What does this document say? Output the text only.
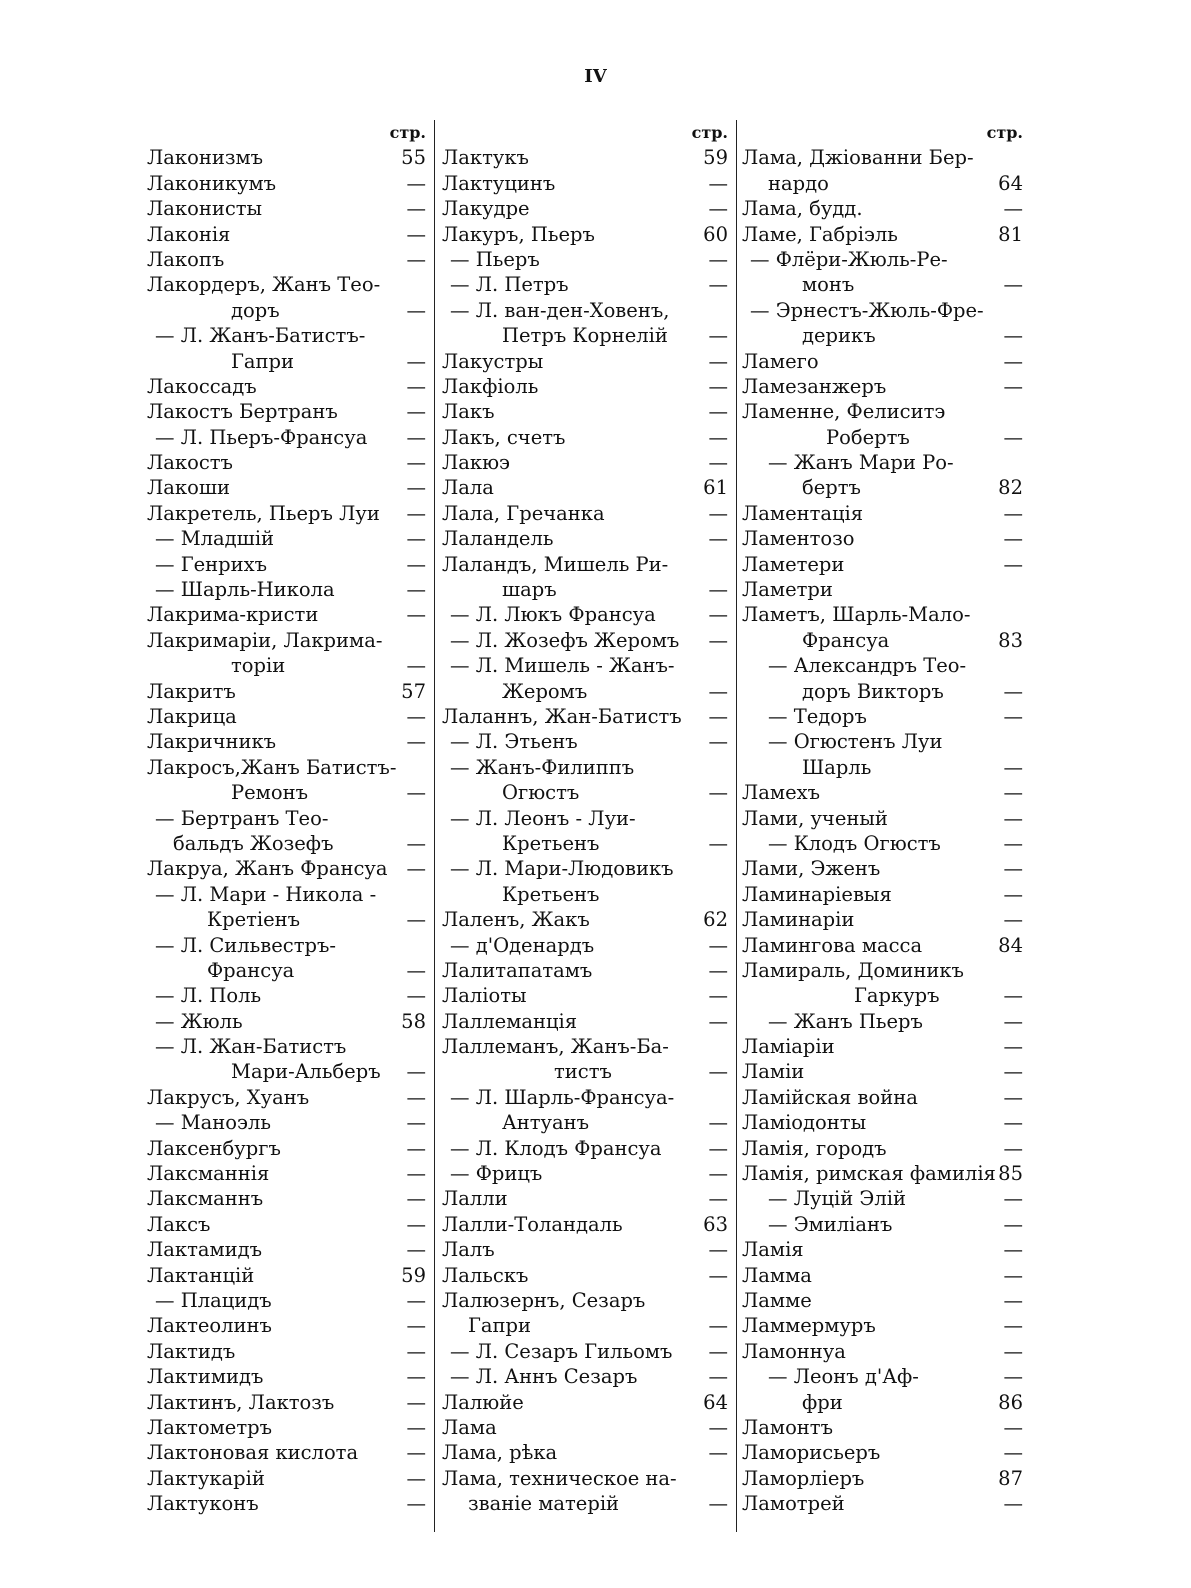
IV
стр.
Лаконизмъ	55
Лаконикумъ	—
Лаконисты	—
Лаконія	—
Лакопъ	—
Лакордеръ, Жанъ Тео-
доръ	—
— Л. Жанъ-Батистъ-
Гапри	—
Лакоссадъ	—
Лакостъ Бертранъ	—
— Л. Пьеръ-Франсуа —
Лакостъ	—
Лакоши	—
Лакретель, Пьеръ Луи —
— Младшій	—
— Генрихъ	—
— Шарль-Никола	—
Лакрима-кристи	—
Лакримаріи, Лакрима-
торіи	—
Лакритъ	57
Лакрица	—
Лакричникъ	—
Лакросъ,Жанъ Батистъ-
Ремонъ	—
— Бертранъ Тео-
бальдъ Жозефъ	—
Лакруа, Жанъ Франсуа —
— Л. Мари - Никола -
Кретіенъ	—
— Л. Сильвестръ-
Франсуа	—
— Л. Поль	—
— Жюль	58
— Л. Жан-Батистъ
Мари-Альберъ —
Лакрусъ, Хуанъ	—
— Маноэль	—
Лаксенбургъ	—
Лаксманнія	—
Лаксманнъ	—
Лаксъ	—
Лактамидъ	—
Лактанцій	59
— Плацидъ	—
Лактеолинъ	—
Лактидъ	—
Лактимидъ	—
Лактинъ, Лактозъ	—
Лактометръ	—
Лактоновая кислота —
Лактукарій	—
Лактуконъ	—
стр.
Лактукъ	59
Лактуцинъ	—
Лакудре	—
Лакуръ, Пьеръ	60
— Пьеръ	—
— Л. Петръ	—
— Л. ван-ден-Ховенъ,
Петръ Корнелій —
Лакустры	—
Лакфіоль	—
Лакъ	—
Лакъ, счетъ	—
Лакюэ	—
Лала	61
Лала, Гречанка	—
Лаландель	—
Лаландъ, Мишель Ри-
шаръ	—
— Л. Люкъ Франсуа	—
— Л. Жозефъ Жеромъ —
— Л. Мишель - Жанъ-
Жеромъ	—
Лаланнъ, Жан-Батистъ —
— Л. Этьенъ	—
— Жанъ-Филиппъ
Огюстъ	—
— Л. Леонъ - Луи-
Кретьенъ	—
— Л. Мари-Людовикъ
Кретьенъ
Лаленъ, Жакъ	62
— д'Оденардъ	—
Лалитапатамъ	—
Лаліоты	—
Лаллеманція	—
Лаллеманъ, Жанъ-Ба-
тистъ	—
— Л. Шарль-Франсуа-
Антуанъ	—
— Л. Клодъ Франсуа —
— Фрицъ	—
Лалли	—
Лалли-Толандаль	63
Лалъ	—
Лальскъ	—
Лалюзернъ, Сезаръ
Гапри	—
— Л. Сезаръ Гильомъ —
— Л. Аннъ Сезаръ	—
Лалюйе	64
Лама	—
Лама, рѣка	—
Лама, техническое на-
званіе матерій	—
стр.
Лама, Джіованни Бер-
нардо	64
Лама, будд.	—
Ламе, Габріэль	81
— Флёри-Жюль-Ре-
монъ	—
— Эрнестъ-Жюль-Фре-
дерикъ	—
Ламего	—
Ламезанжеръ	—
Ламенне, Фелиситэ
Робертъ	—
— Жанъ Мари Ро-
бертъ	82
Ламентація	—
Ламентозо	—
Ламетери	—
Ламетри
Ламетъ, Шарль-Мало-
Франсуа	83
— Александръ Тео-
доръ Викторъ	—
— Тедоръ	—
— Огюстенъ Луи
Шарль	—
Ламехъ	—
Лами, ученый	—
— Клодъ Огюстъ	—
Лами, Эженъ	—
Ламинаріевыя	—
Ламинаріи	—
Ламингова масса	84
Ламираль, Доминикъ
Гаркуръ	—
— Жанъ Пьеръ	—
Ламіаріи	—
Ламіи	—
Ламійская война	—
Ламіодонты	—
Ламія, городъ	—
Ламія, римская фамилія 85
— Луцій Элій	—
— Эмиліанъ	—
Ламія	—
Ламма	—
Ламме	—
Ламмермуръ	—
Ламоннуа	—
— Леонъ д'Аф-	—
фри	86
Ламонтъ	—
Ламорисьеръ	—
Ламорліеръ	87
Ламотрей	—
